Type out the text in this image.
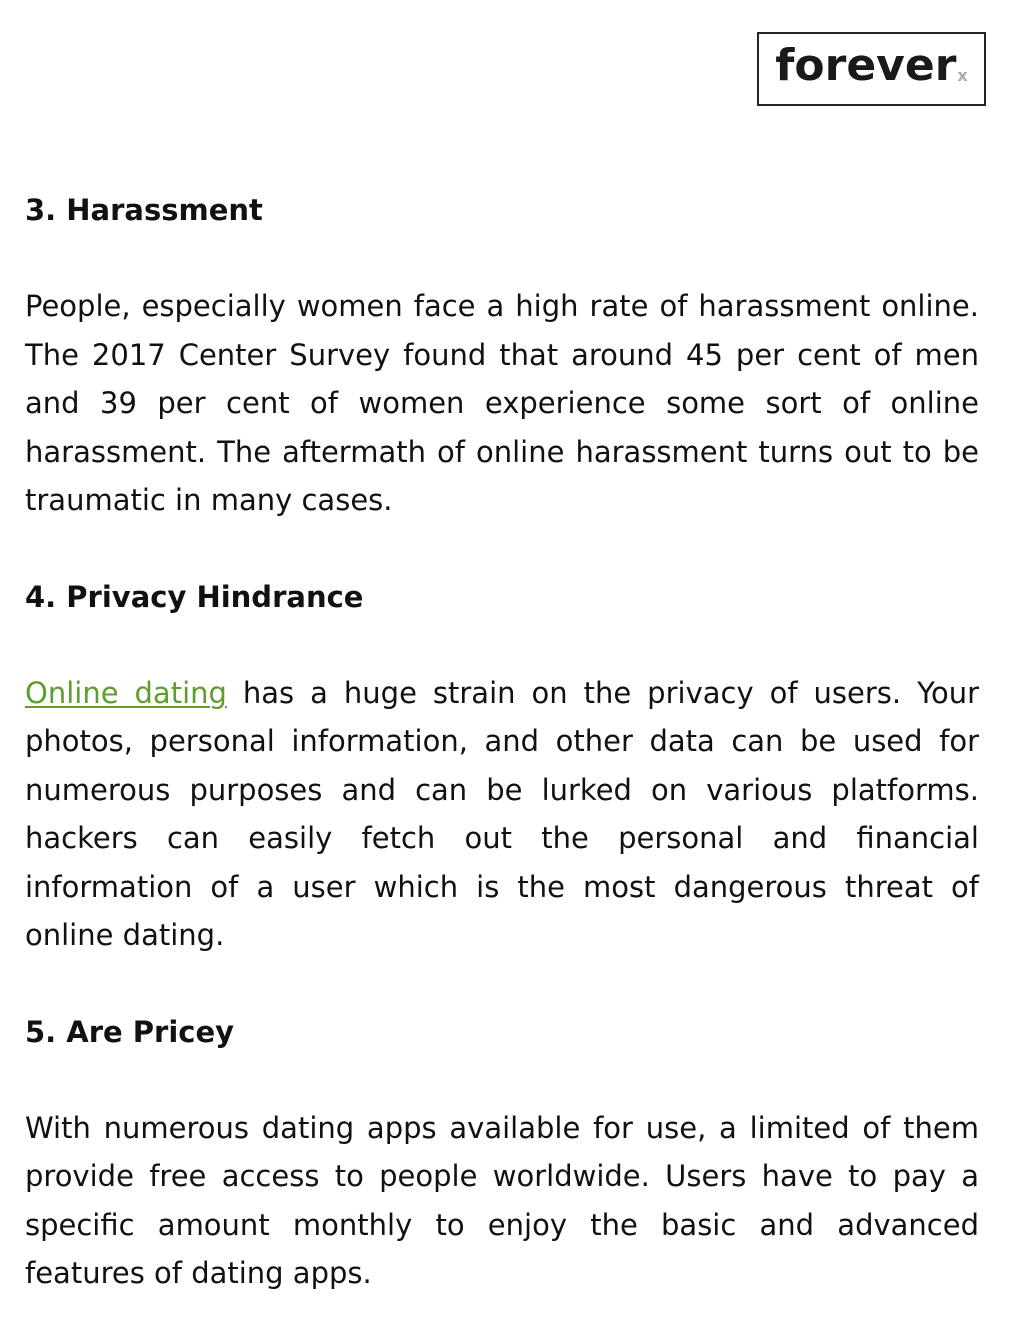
forever x
3. Harassment

People, especially women face a high rate of harassment online. The 2017 Center Survey found that around 45 per cent of men and 39 per cent of women experience some sort of online harassment. The aftermath of online harassment turns out to be traumatic in many cases.

4. Privacy Hindrance

Online dating has a huge strain on the privacy of users. Your photos, personal information, and other data can be used for numerous purposes and can be lurked on various platforms. hackers can easily fetch out the personal and financial information of a user which is the most dangerous threat of online dating.

5. Are Pricey

With numerous dating apps available for use, a limited of them provide free access to people worldwide. Users have to pay a specific amount monthly to enjoy the basic and advanced features of dating apps.
